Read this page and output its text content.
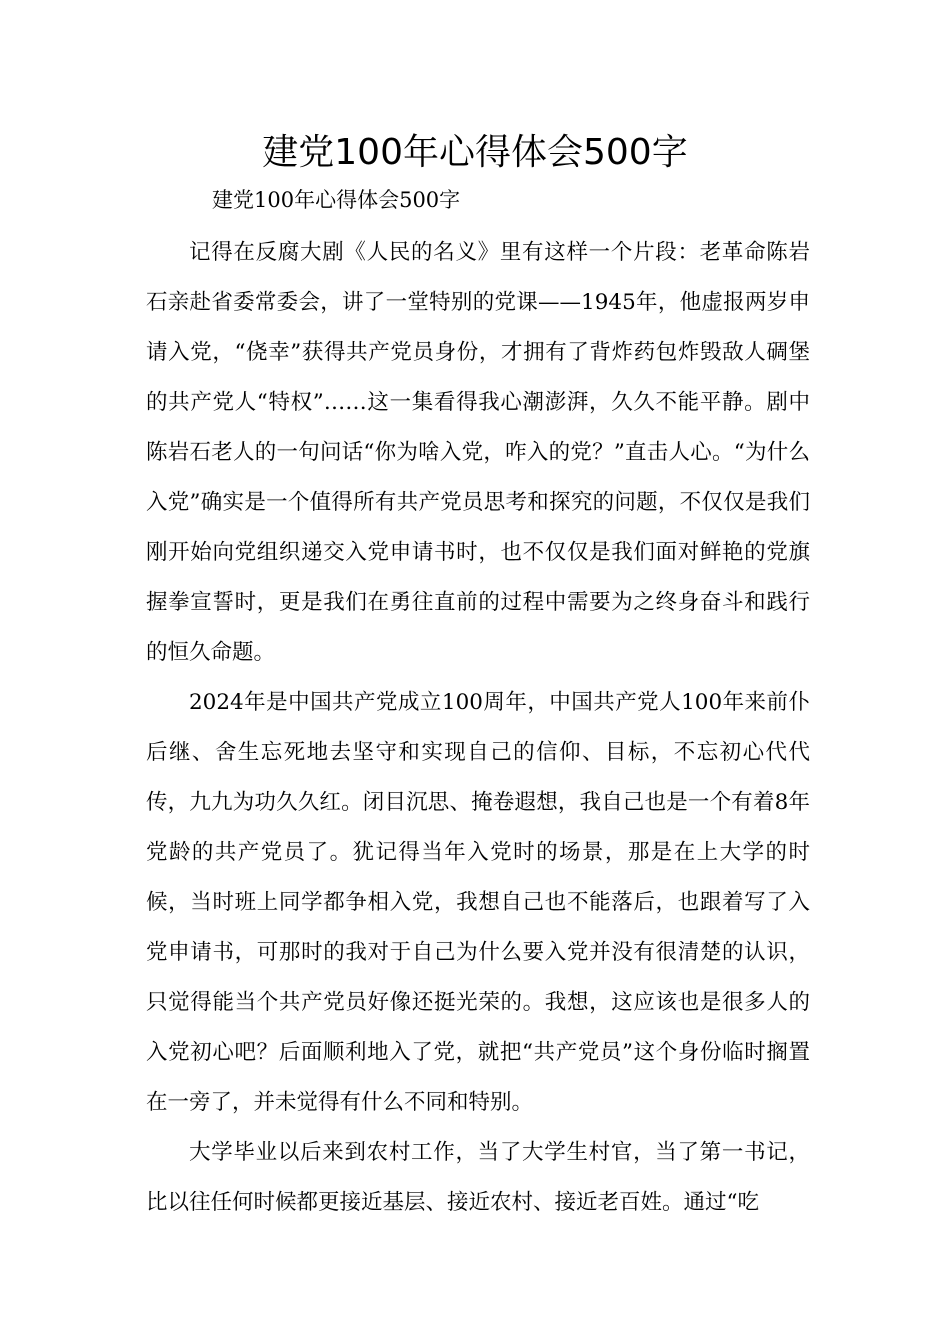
建党100年心得体会500字
建党100年心得体会500字

记得在反腐大剧《人民的名义》里有这样一个片段：老革命陈岩石亲赴省委常委会，讲了一堂特别的党课——1945年，他虚报两岁申请入党，“侥幸”获得共产党员身份，才拥有了背炸药包炸毁敌人碉堡的共产党人“特权”……这一集看得我心潮澎湃，久久不能平静。剧中陈岩石老人的一句问话“你为啥入党，咋入的党？”直击人心。“为什么入党”确实是一个值得所有共产党员思考和探究的问题，不仅仅是我们刚开始向党组织递交入党申请书时，也不仅仅是我们面对鲜艳的党旗握拳宣誓时，更是我们在勇往直前的过程中需要为之终身奋斗和践行的恒久命题。

2024年是中国共产党成立100周年，中国共产党人100年来前仆后继、舍生忘死地去坚守和实现自己的信仰、目标，不忘初心代代传，九九为功久久红。闭目沉思、掩卷遐想，我自己也是一个有着8年党龄的共产党员了。犹记得当年入党时的场景，那是在上大学的时候，当时班上同学都争相入党，我想自己也不能落后，也跟着写了入党申请书，可那时的我对于自己为什么要入党并没有很清楚的认识，只觉得能当个共产党员好像还挺光荣的。我想，这应该也是很多人的入党初心吧？后面顺利地入了党，就把“共产党员”这个身份临时搁置在一旁了，并未觉得有什么不同和特别。

大学毕业以后来到农村工作，当了大学生村官，当了第一书记，比以往任何时候都更接近基层、接近农村、接近老百姓。通过“吃
